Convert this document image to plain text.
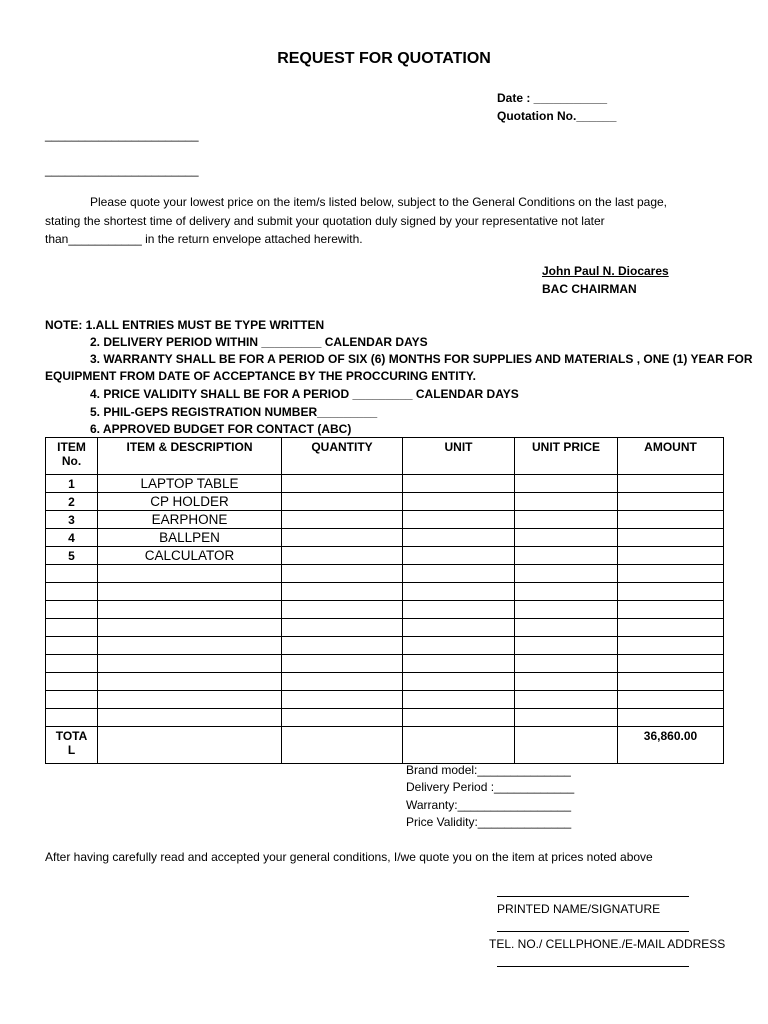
REQUEST FOR QUOTATION
Date : ___________
Quotation No.______
_______________________
_______________________
Please quote your lowest price on the item/s listed below, subject to the General Conditions on the last page,
stating the shortest time of delivery and submit your quotation duly signed by your representative not later
than___________ in the return envelope attached herewith.
John Paul N. Diocares
BAC CHAIRMAN
NOTE: 1.ALL ENTRIES MUST BE TYPE WRITTEN
2. DELIVERY PERIOD WITHIN _________ CALENDAR DAYS
3. WARRANTY SHALL BE FOR A PERIOD OF SIX (6) MONTHS FOR SUPPLIES AND MATERIALS , ONE (1) YEAR FOR
EQUIPMENT FROM DATE OF ACCEPTANCE BY THE PROCCURING ENTITY.
4. PRICE VALIDITY SHALL BE FOR A PERIOD _________ CALENDAR DAYS
5. PHIL-GEPS REGISTRATION NUMBER_________
6. APPROVED BUDGET FOR CONTACT (ABC)
ITEM
No.	ITEM & DESCRIPTION	QUANTITY	UNIT	UNIT PRICE	AMOUNT
1	LAPTOP TABLE				
2	CP HOLDER				
3	EARPHONE				
4	BALLPEN				
5	CALCULATOR				

TOTA
L					36,860.00
Brand model:______________
Delivery Period :____________
Warranty:_________________
Price Validity:______________
After having carefully read and accepted your general conditions, I/we quote you on the item at prices noted above
PRINTED NAME/SIGNATURE
TEL. NO./ CELLPHONE./E-MAIL ADDRESS
